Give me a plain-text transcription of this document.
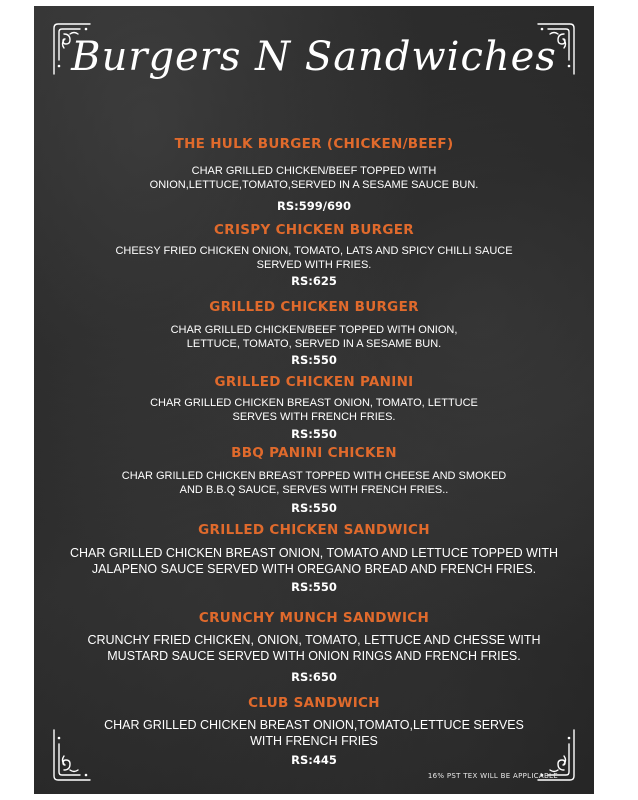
Burgers N Sandwiches
THE HULK BURGER (CHICKEN/BEEF)
CHAR GRILLED CHICKEN/BEEF TOPPED WITH
ONION,LETTUCE,TOMATO,SERVED IN A SESAME SAUCE BUN.
RS:599/690
CRISPY CHICKEN BURGER
CHEESY FRIED CHICKEN ONION, TOMATO, LATS AND SPICY CHILLI SAUCE
SERVED WITH FRIES.
RS:625
GRILLED CHICKEN BURGER
CHAR GRILLED CHICKEN/BEEF TOPPED WITH ONION,
LETTUCE, TOMATO, SERVED IN A SESAME BUN.
RS:550
GRILLED CHICKEN PANINI
CHAR GRILLED CHICKEN BREAST ONION, TOMATO, LETTUCE
SERVES WITH FRENCH FRIES.
RS:550
BBQ PANINI CHICKEN
CHAR GRILLED CHICKEN BREAST TOPPED WITH CHEESE AND SMOKED
AND B.B.Q SAUCE, SERVES WITH FRENCH FRIES..
RS:550
GRILLED CHICKEN SANDWICH
CHAR GRILLED CHICKEN BREAST ONION, TOMATO AND LETTUCE TOPPED WITH
JALAPENO SAUCE SERVED WITH OREGANO BREAD AND FRENCH FRIES.
RS:550
CRUNCHY MUNCH SANDWICH
CRUNCHY FRIED CHICKEN, ONION, TOMATO, LETTUCE AND CHESSE WITH
MUSTARD SAUCE SERVED WITH ONION RINGS AND FRENCH FRIES.
RS:650
CLUB SANDWICH
CHAR GRILLED CHICKEN BREAST ONION,TOMATO,LETTUCE SERVES
WITH FRENCH FRIES
RS:445
16% PST TEX WILL BE APPLICABLE
